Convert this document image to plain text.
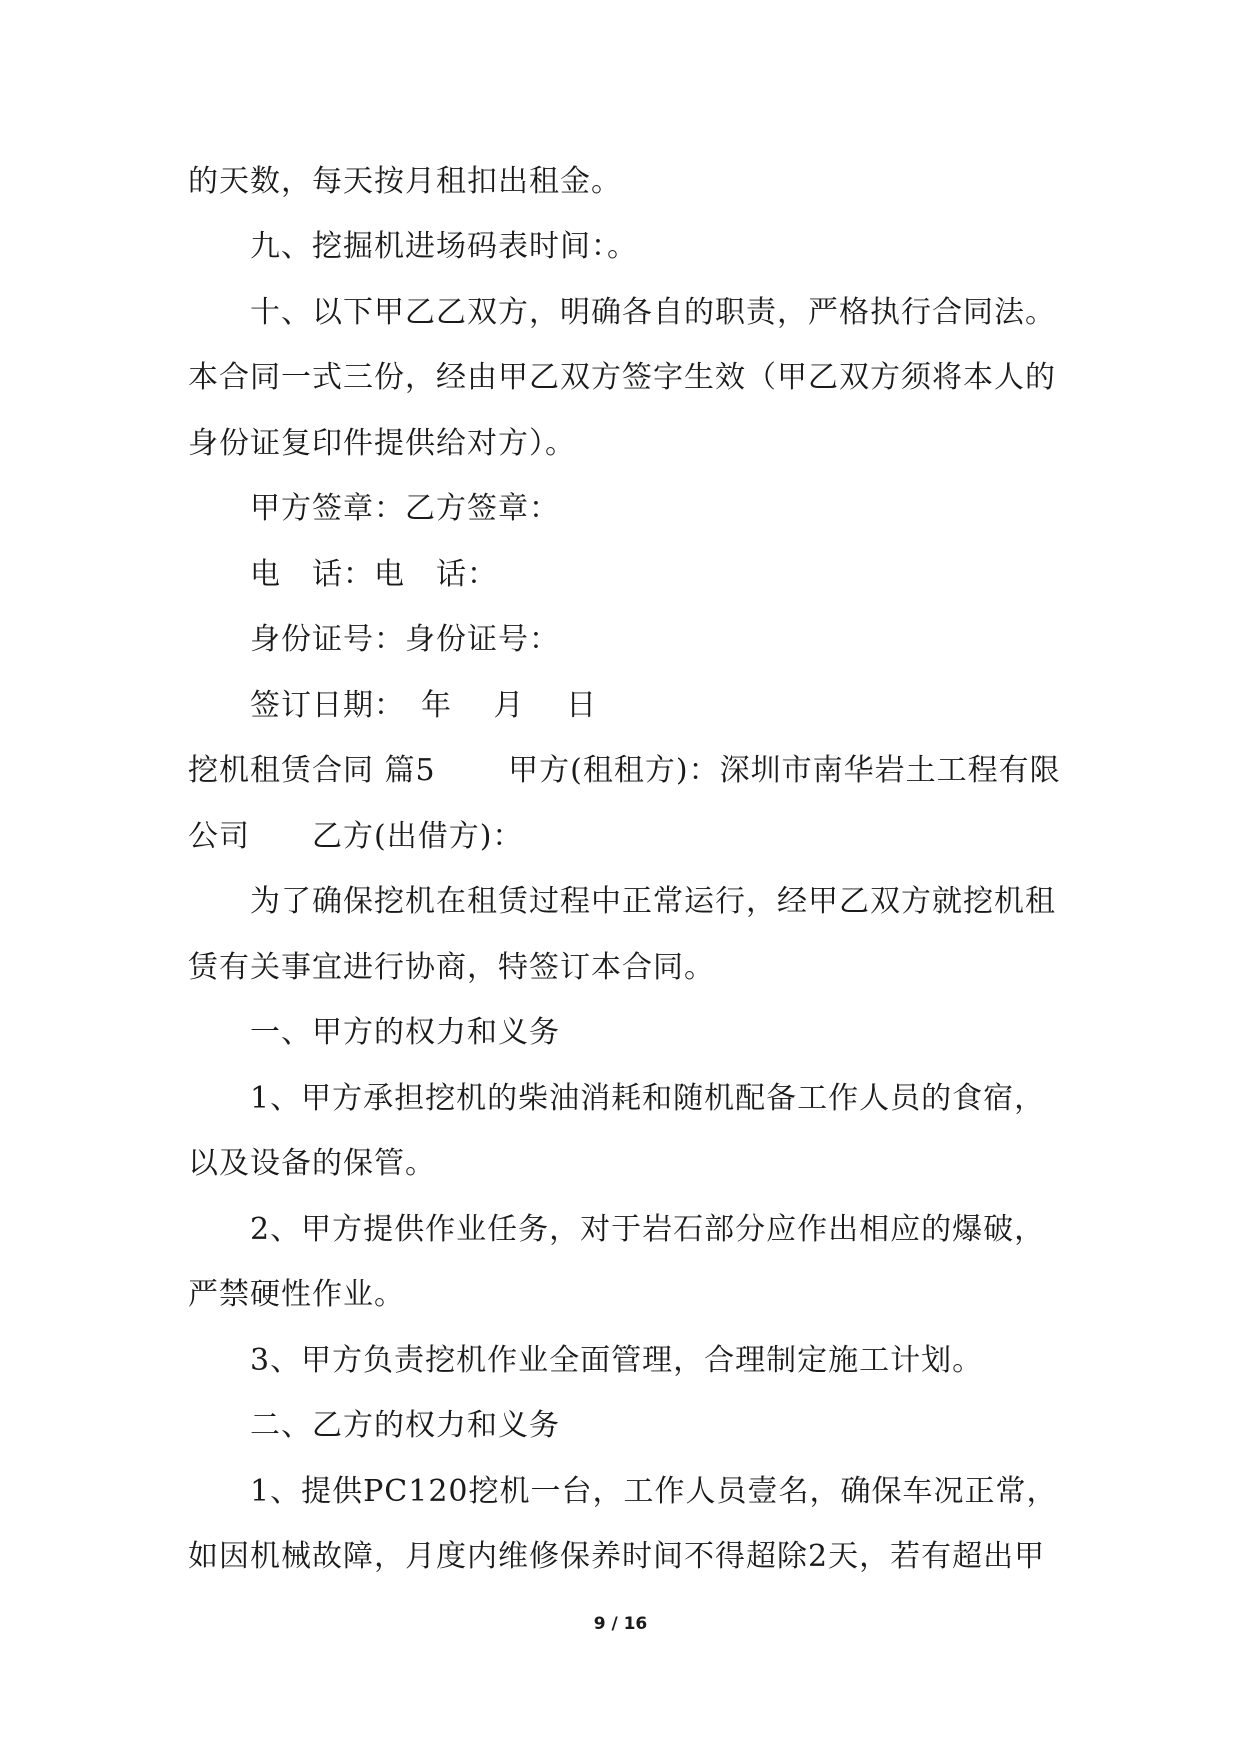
的天数，每天按月租扣出租金。
九、挖掘机进场码表时间：。
十、以下甲乙乙双方，明确各自的职责，严格执行合同法。
本合同一式三份，经由甲乙双方签字生效（甲乙双方须将本人的
身份证复印件提供给对方）。
甲方签章：乙方签章：
电　话：电　话：
身份证号：身份证号：
签订日期：　年　 月　 日
挖机租赁合同 篇5　　 甲方(租租方)：深圳市南华岩土工程有限
公司　　乙方(出借方)：
为了确保挖机在租赁过程中正常运行，经甲乙双方就挖机租
赁有关事宜进行协商，特签订本合同。
一、甲方的权力和义务
1、甲方承担挖机的柴油消耗和随机配备工作人员的食宿，
以及设备的保管。
2、甲方提供作业任务，对于岩石部分应作出相应的爆破，
严禁硬性作业。
3、甲方负责挖机作业全面管理，合理制定施工计划。
二、乙方的权力和义务
1、提供PC120挖机一台，工作人员壹名，确保车况正常，
如因机械故障，月度内维修保养时间不得超除2天，若有超出甲
9 / 16
